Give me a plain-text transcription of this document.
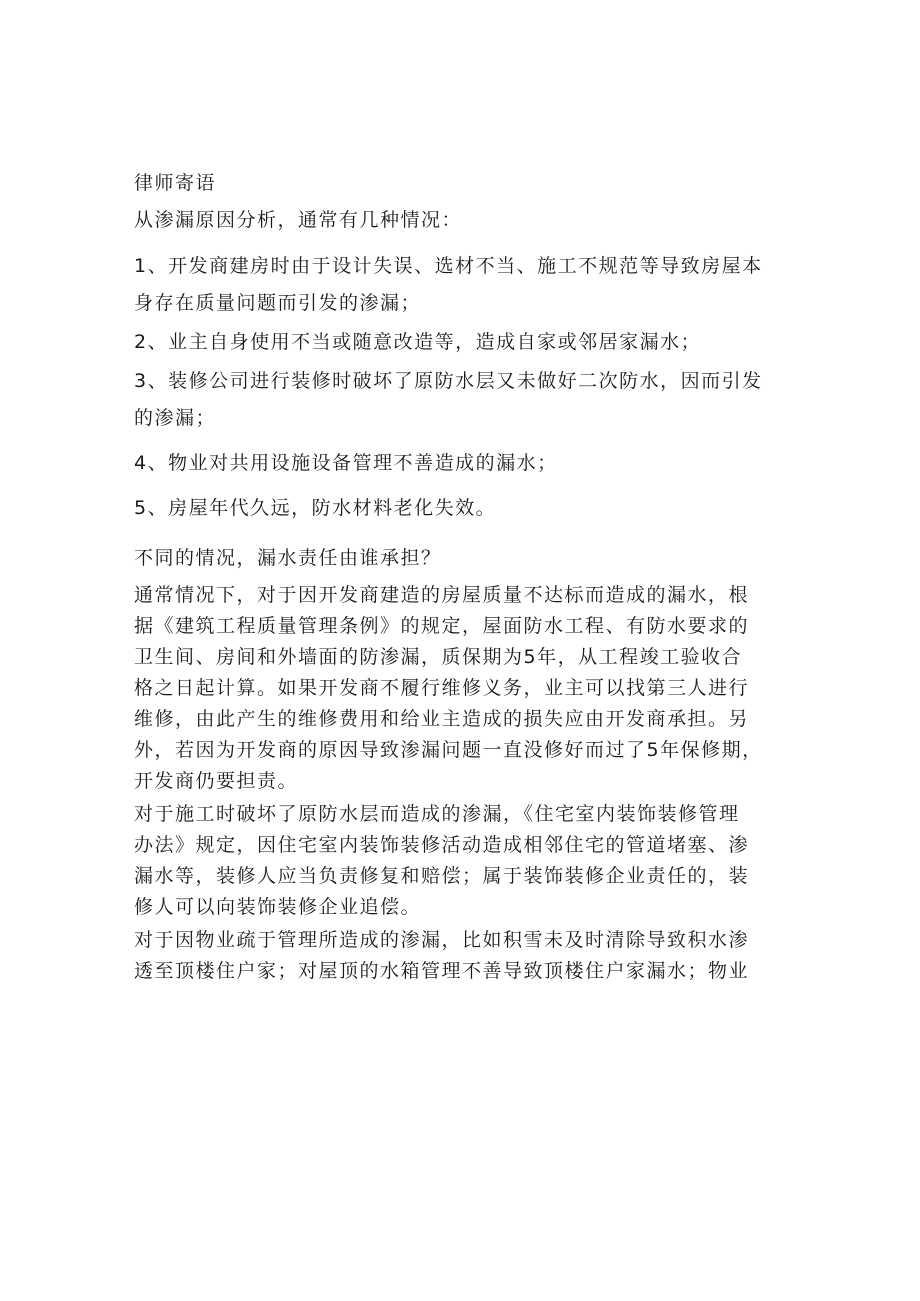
律师寄语
从渗漏原因分析，通常有几种情况：
1、开发商建房时由于设计失误、选材不当、施工不规范等导致房屋本
身存在质量问题而引发的渗漏；
2、业主自身使用不当或随意改造等，造成自家或邻居家漏水；
3、装修公司进行装修时破坏了原防水层又未做好二次防水，因而引发
的渗漏；
4、物业对共用设施设备管理不善造成的漏水；
5、房屋年代久远，防水材料老化失效。
不同的情况，漏水责任由谁承担？
通常情况下，对于因开发商建造的房屋质量不达标而造成的漏水，根
据《建筑工程质量管理条例》的规定，屋面防水工程、有防水要求的
卫生间、房间和外墙面的防渗漏，质保期为5年，从工程竣工验收合
格之日起计算。如果开发商不履行维修义务，业主可以找第三人进行
维修，由此产生的维修费用和给业主造成的损失应由开发商承担。另
外，若因为开发商的原因导致渗漏问题一直没修好而过了5年保修期，
开发商仍要担责。
对于施工时破坏了原防水层而造成的渗漏，《住宅室内装饰装修管理
办法》规定，因住宅室内装饰装修活动造成相邻住宅的管道堵塞、渗
漏水等，装修人应当负责修复和赔偿；属于装饰装修企业责任的，装
修人可以向装饰装修企业追偿。
对于因物业疏于管理所造成的渗漏，比如积雪未及时清除导致积水渗
透至顶楼住户家；对屋顶的水箱管理不善导致顶楼住户家漏水；物业
